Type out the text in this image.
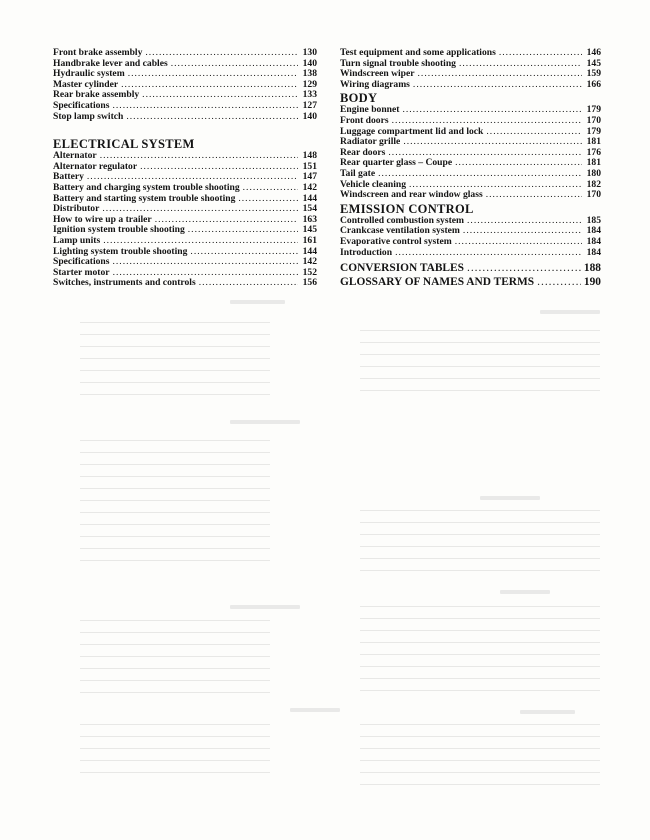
Front brake assembly .....	130
Handbrake lever and cables .....	140
Hydraulic system .....	138
Master cylinder .....	129
Rear brake assembly .....	133
Specifications .....	127
Stop lamp switch .....	140
ELECTRICAL SYSTEM
Alternator .....	148
Alternator regulator .....	151
Battery .....	147
Battery and charging system trouble shooting .....	142
Battery and starting system trouble shooting .....	144
Distributor .....	154
How to wire up a trailer .....	163
Ignition system trouble shooting .....	145
Lamp units .....	161
Lighting system trouble shooting .....	144
Specifications .....	142
Starter motor .....	152
Switches, instruments and controls .....	156
Test equipment and some applications .....	146
Turn signal trouble shooting .....	145
Windscreen wiper .....	159
Wiring diagrams .....	166
BODY
Engine bonnet .....	179
Front doors .....	170
Luggage compartment lid and lock .....	179
Radiator grille .....	181
Rear doors .....	176
Rear quarter glass – Coupe .....	181
Tail gate .....	180
Vehicle cleaning .....	182
Windscreen and rear window glass .....	170
EMISSION CONTROL
Controlled combustion system .....	185
Crankcase ventilation system .....	184
Evaporative control system .....	184
Introduction .....	184
CONVERSION TABLES .....	188
GLOSSARY OF NAMES AND TERMS .....	190
